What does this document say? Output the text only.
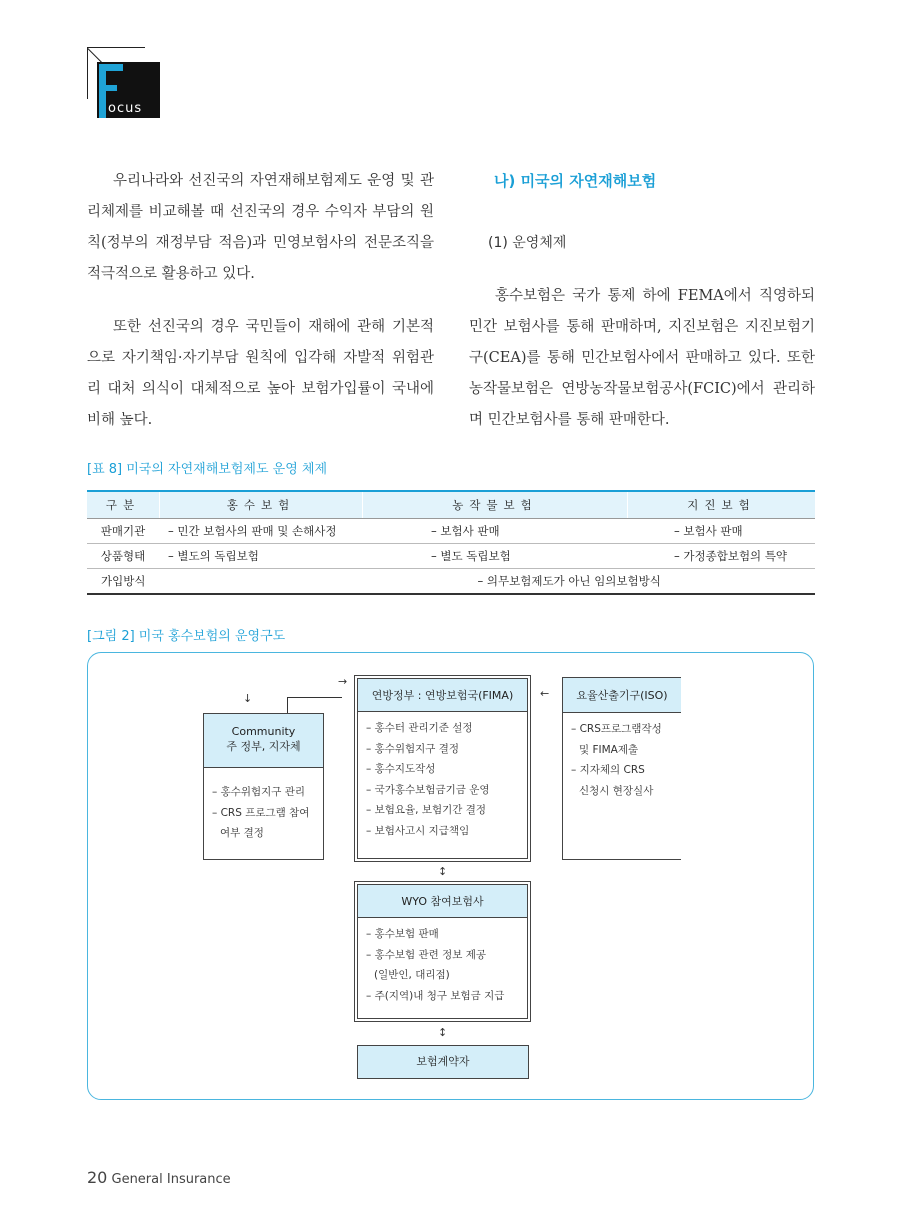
ocus
우리나라와 선진국의 자연재해보험제도 운영 및 관리체제를 비교해볼 때 선진국의 경우 수익자 부담의 원칙(정부의 재정부담 적음)과 민영보험사의 전문조직을 적극적으로 활용하고 있다.
또한 선진국의 경우 국민들이 재해에 관해 기본적으로 자기책임·자기부담 원칙에 입각해 자발적 위험관리 대처 의식이 대체적으로 높아 보험가입률이 국내에 비해 높다.
나) 미국의 자연재해보험
(1) 운영체제
홍수보험은 국가 통제 하에 FEMA에서 직영하되 민간 보험사를 통해 판매하며, 지진보험은 지진보험기구(CEA)를 통해 민간보험사에서 판매하고 있다. 또한 농작물보험은 연방농작물보험공사(FCIC)에서 관리하며 민간보험사를 통해 판매한다.
[표 8] 미국의 자연재해보험제도 운영 체제
구분	홍수보험	농작물보험	지진보험
판매기관	– 민간 보험사의 판매 및 손해사정	– 보험사 판매	– 보험사 판매
상품형태	– 별도의 독립보험	– 별도 독립보험	– 가정종합보험의 특약
가입방식	– 의무보험제도가 아닌 임의보험방식		
[그림 2] 미국 홍수보험의 운영구도
→
↓	←
↕
↕
Community
주 정부, 지자체
– 홍수위험지구 관리
– CRS 프로그램 참여
여부 결정
연방정부 : 연방보험국(FIMA)
– 홍수터 관리기준 설정
– 홍수위험지구 결정
– 홍수지도작성
– 국가홍수보험금기금 운영
– 보험요율, 보험기간 결정
– 보험사고시 지급책임
요율산출기구(ISO)
– CRS프로그램작성
및 FIMA제출
– 지자체의 CRS
신청시 현장실사
WYO 참여보험사
– 홍수보험 판매
– 홍수보험 관련 정보 제공
(일반인, 대리점)
– 주(지역)내 청구 보험금 지급
보험계약자
20 General Insurance
